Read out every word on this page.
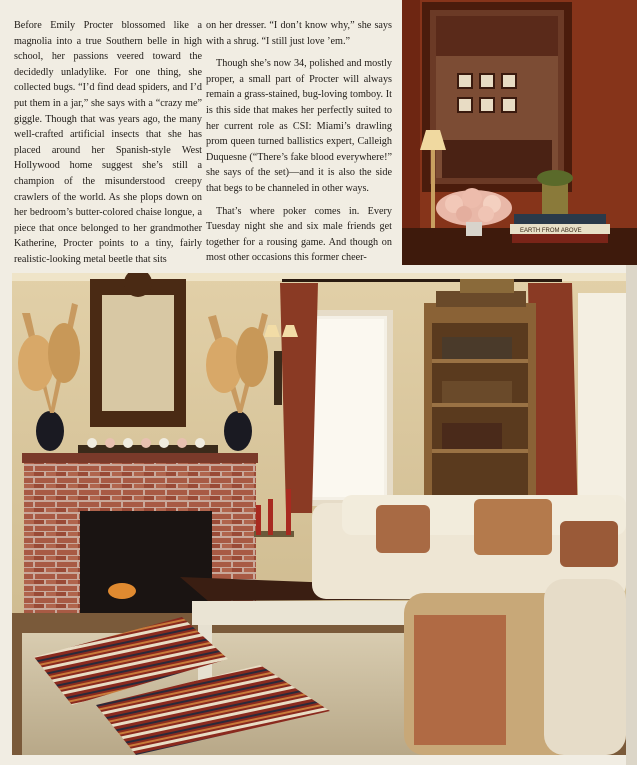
Before Emily Procter blossomed like a magnolia into a true Southern belle in high school, her passions veered toward the decidedly unladylike. For one thing, she collected bugs. “I’d find dead spiders, and I’d put them in a jar,” she says with a “crazy me” giggle. Though that was years ago, the many well-crafted artificial insects that she has placed around her Spanish-style West Hollywood home suggest she’s still a champion of the misunderstood creepy crawlers of the world. As she plops down on her bedroom’s butter-colored chaise longue, a piece that once belonged to her grandmother Katherine, Procter points to a tiny, fairly realistic-looking metal beetle that sits

on her dresser. “I don’t know why,” she says with a shrug. “I still just love ’em.”

Though she’s now 34, polished and mostly proper, a small part of Procter will always remain a grass-stained, bug-loving tomboy. It is this side that makes her perfectly suited to her current role as CSI: Miami’s drawling prom queen turned ballistics expert, Calleigh Duquesne (“There’s fake blood everywhere!” she says of the set)—and it is also the side that begs to be channeled in other ways.

That’s where poker comes in. Every Tuesday night she and six male friends get together for a rousing game. And though on most other occasions this former cheer-

EARTH FROM ABOVE
